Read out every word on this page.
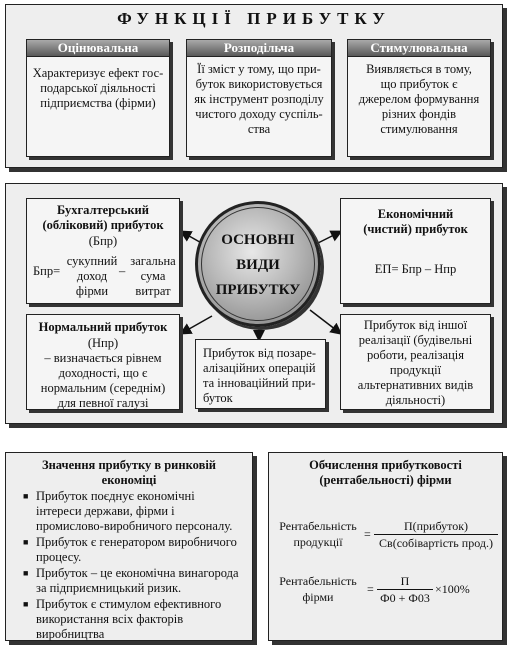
ФУНКЦІЇ ПРИБУТКУ
Оцінювальна
Характеризує ефект гос-
подарської діяльності
підприємства (фірми)
Розподільча
Її зміст у тому, що при-
буток використовується
як інструмент розподілу
чистого доходу суспіль-
ства
Стимулювальна
Виявляється в тому,
що прибуток є
джерелом формування
різних фондів
стимулювання
Бухгалтерський
(обліковий) прибуток
(Бпр)
Бпр=
сукупний
доход
фірми
–
загальна
сума
витрат
Економічний
(чистий) прибуток
ЕП= Бпр – Нпр
ОСНОВНІ
ВИДИ
ПРИБУТКУ
Нормальний прибуток
(Нпр)
– визначається рівнем
доходності, що є
нормальним (середнім)
для певної галузі
Прибуток від позаре-
алізаційних операцій
та інноваційний при-
буток
Прибуток від іншої
реалізації (будівельні
роботи, реалізація
продукції
альтернативних видів
діяльності)
Значення прибутку в ринковій
економіці
■ Прибуток поєднує економічні
інтереси держави, фірми і
промислово-виробничого персоналу.
■ Прибуток є генератором виробничого
процесу.
■ Прибуток – це економічна винагорода
за підприємницький ризик.
■ Прибуток є стимулом ефективного
використання всіх факторів
виробництва
Обчислення прибутковості
(рентабельності) фірми
Рентабельність
продукції
=
П(прибуток)
Св(собівартість прод.)
Рентабельність
фірми
=
П
Ф0 + Ф03
×100%
